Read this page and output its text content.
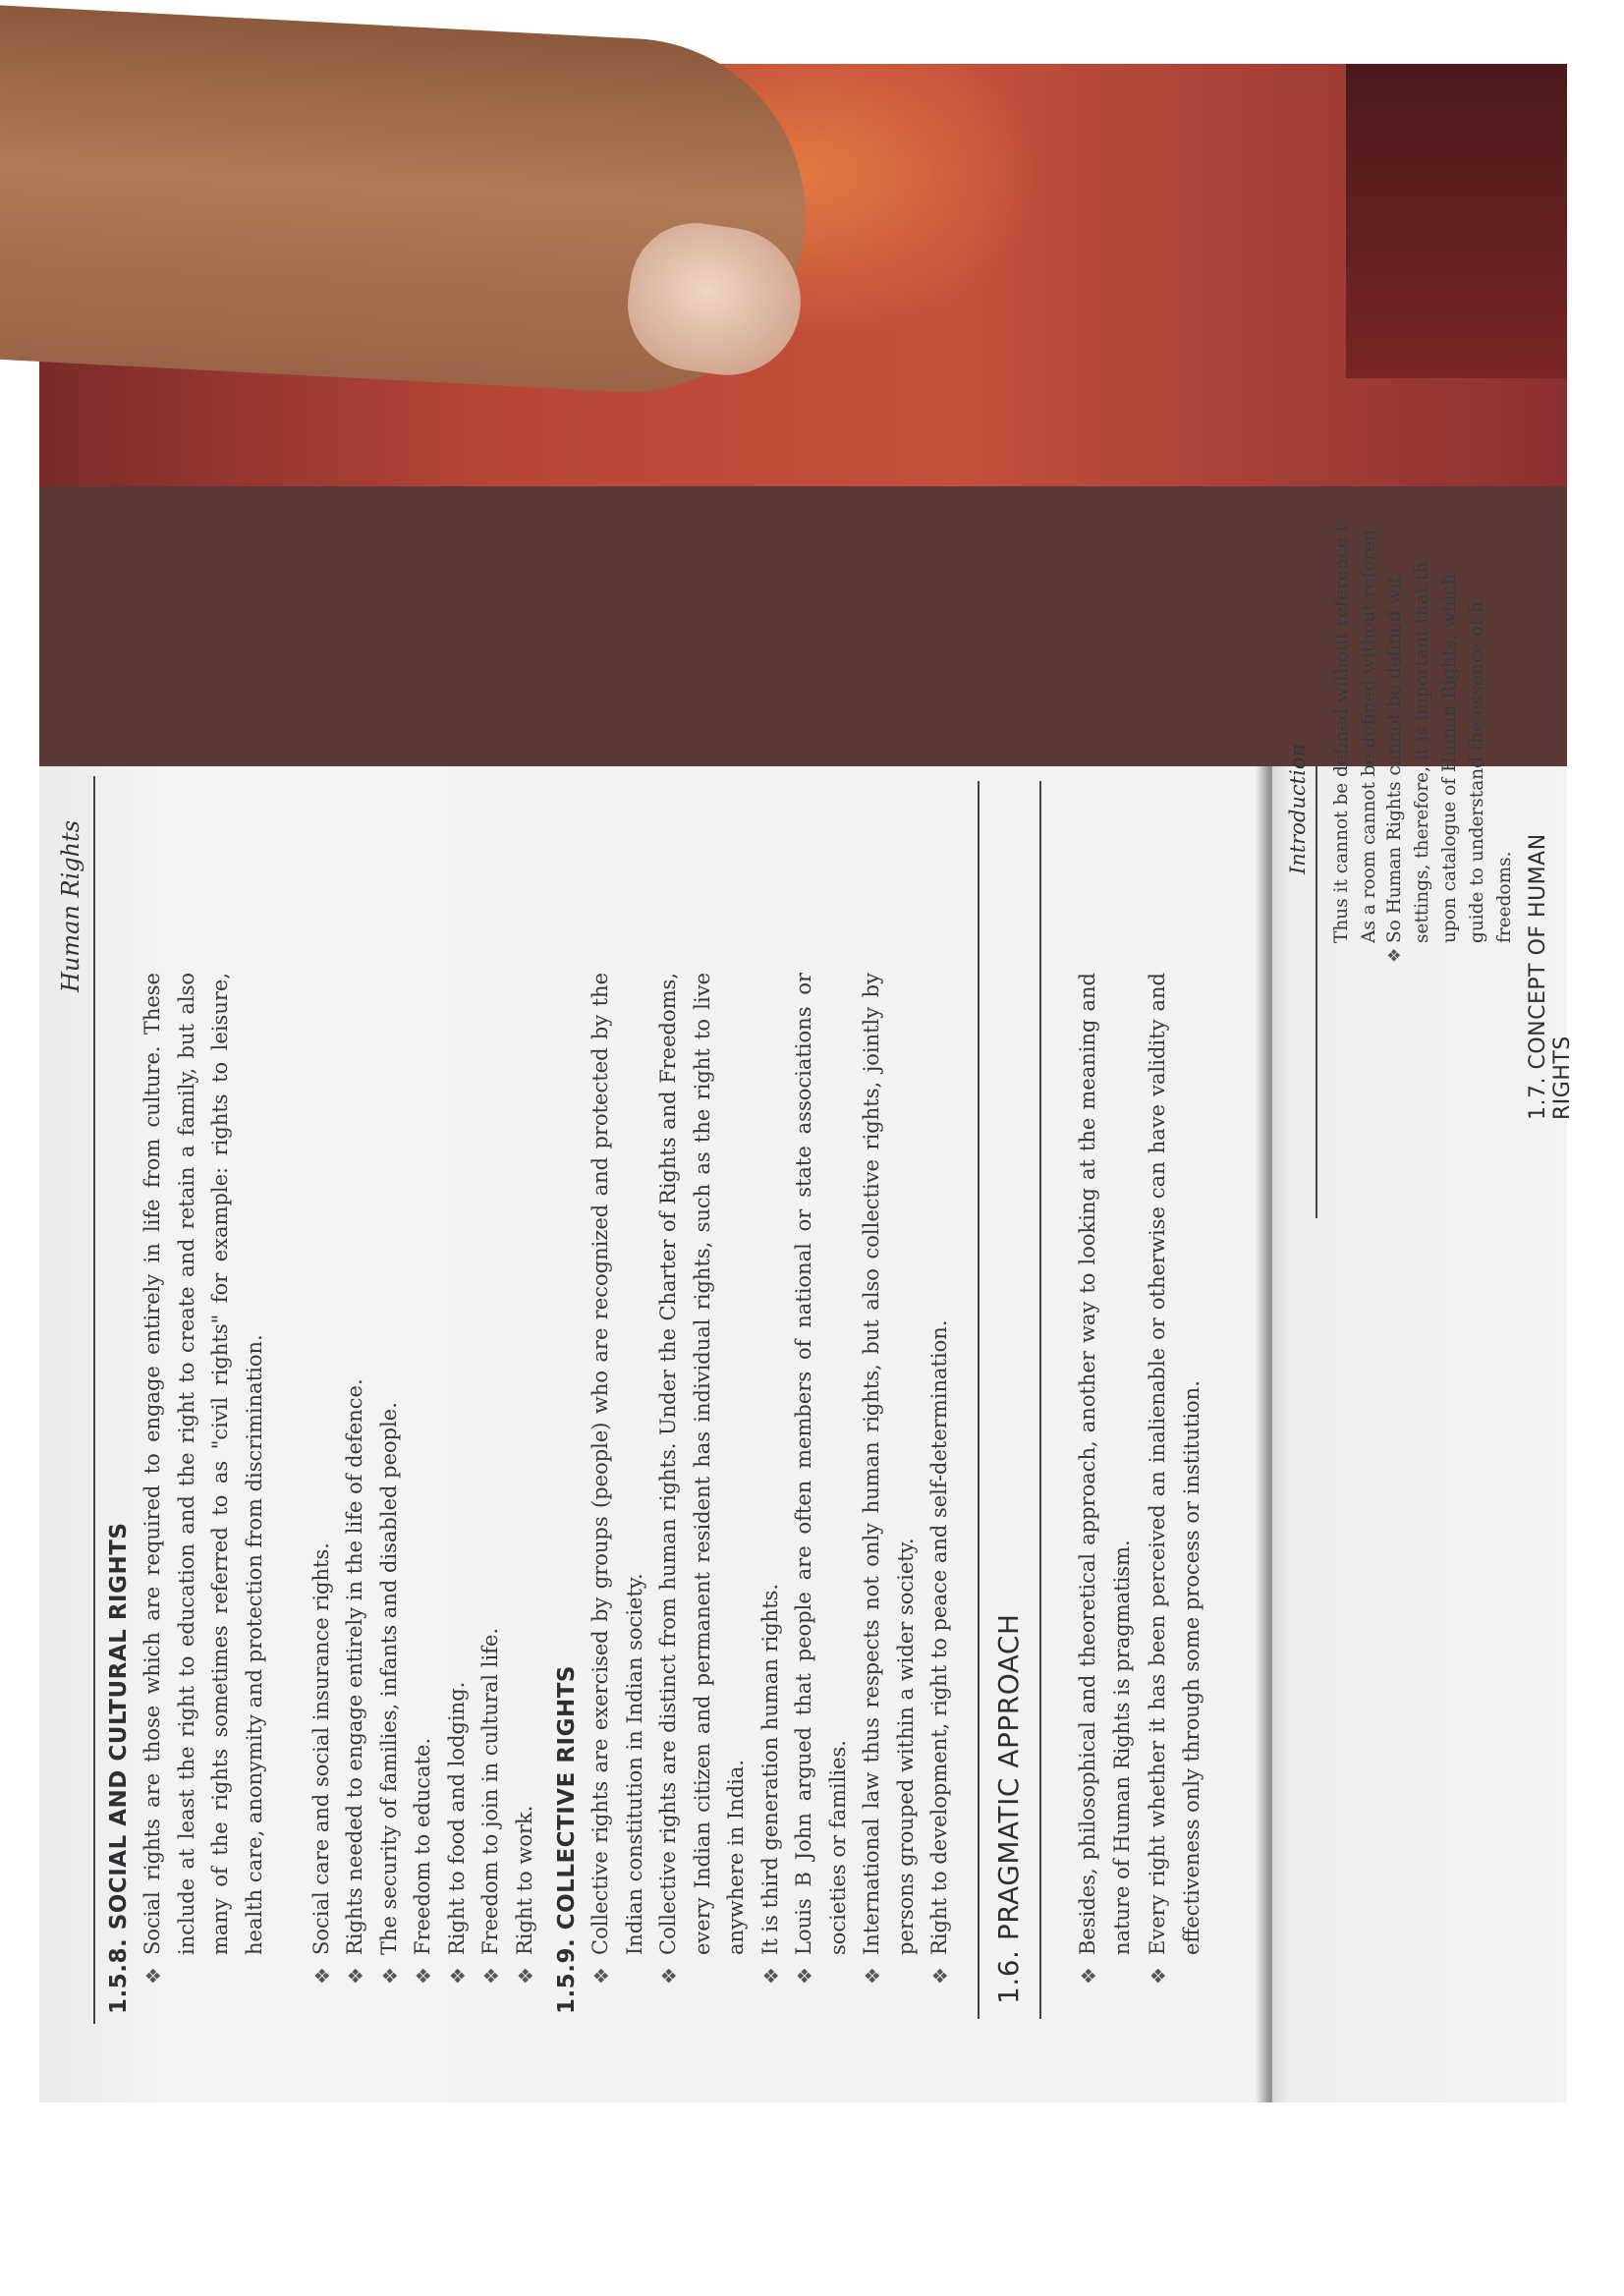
Human Rights
1.5.8. SOCIAL AND CULTURAL RIGHTS ❖
Social rights are those which are required to engage entirely in life from culture. These include at least the right to education and the right to create and retain a family, but also many of the rights sometimes referred to as "civil rights" for example: rights to leisure, health care, anonymity and protection from discrimination.
❖
Social care and social insurance rights.
❖
Rights needed to engage entirely in the life of defence.
❖
The security of families, infants and disabled people.
❖
Freedom to educate.
❖
Right to food and lodging.
❖
Freedom to join in cultural life.
❖
Right to work. 1.5.9. COLLECTIVE RIGHTS ❖
Collective rights are exercised by groups (people) who are recognized and protected by the Indian constitution in Indian society.
❖
Collective rights are distinct from human rights. Under the Charter of Rights and Freedoms, every Indian citizen and permanent resident has individual rights, such as the right to live anywhere in India.
❖
It is third generation human rights.
❖
Louis B John argued that people are often members of national or state associations or societies or families.
❖
International law thus respects not only human rights, but also collective rights, jointly by persons grouped within a wider society.
❖
Right to development, right to peace and self-determination. 1.6. PRAGMATIC APPROACH	❖
Besides, philosophical and theoretical approach, another way to looking at the meaning and nature of Human Rights is pragmatism.
❖
Every right whether it has been perceived an inalienable or otherwise can have validity and effectiveness only through some process or institution.
Introduction Thus it cannot be defined without reference t As a room cannot be defined without referen
❖
So Human Rights cannot be defined wit settings, therefore, it is important that th upon catalogue of Human Rights, which guide to understand the essence of h freedoms. 1.7. CONCEPT OF HUMAN RIGHTS
